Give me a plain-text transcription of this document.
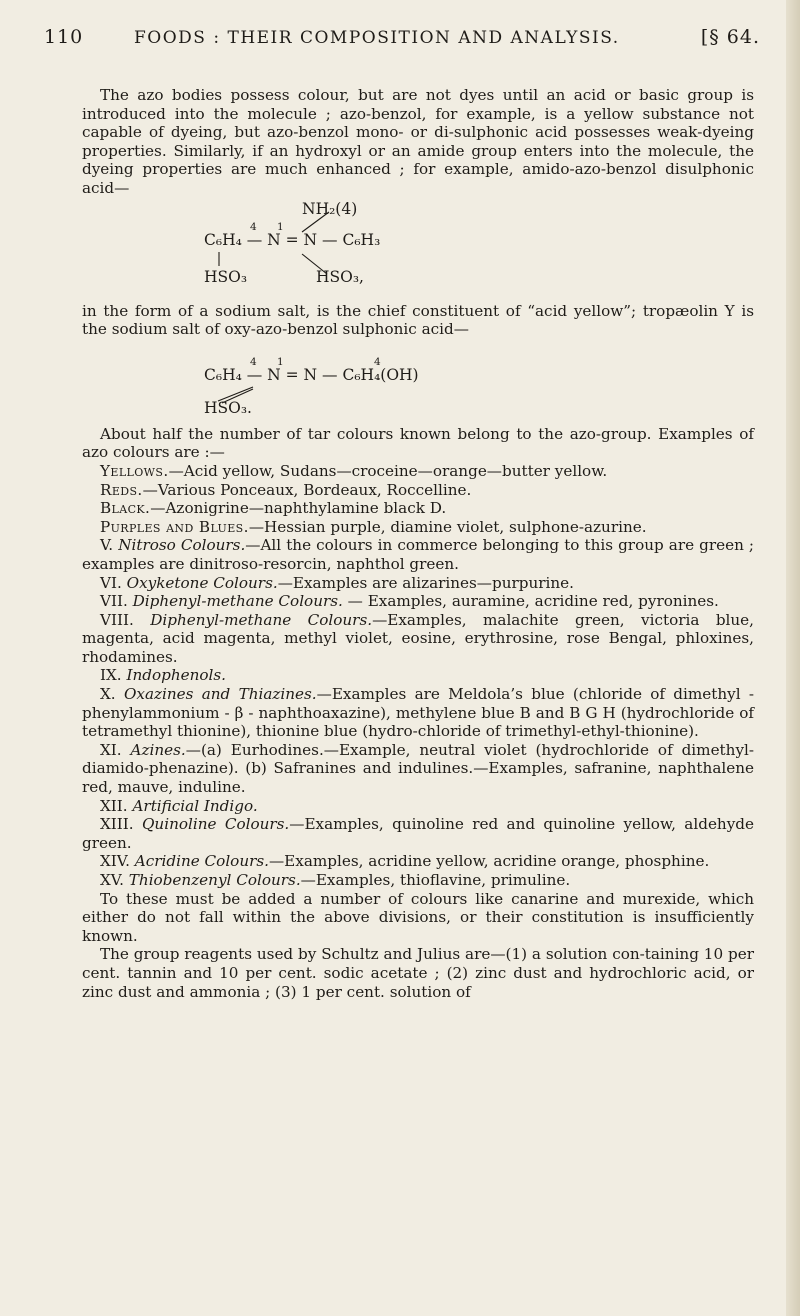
110	FOODS : THEIR COMPOSITION AND ANALYSIS.	[§ 64.

The azo bodies possess colour, but are not dyes until an acid or basic group is introduced into the molecule ; azo-benzol, for example, is a yellow substance not capable of dyeing, but azo-benzol mono- or di-sulphonic acid possesses weak-dyeing properties. Similarly, if an hydroxyl or an amide group enters into the molecule, the dyeing properties are much enhanced ; for example, amido-azo-benzol disulphonic acid—

NH₂(4)
4 1
C₆H₄ — N = N — C₆H₃
HSO₃	HSO₃,

in the form of a sodium salt, is the chief constituent of “acid yellow”; tropæolin Y is the sodium salt of oxy-azo-benzol sulphonic acid—

4 1	4
C₆H₄ — N = N — C₆H₄(OH)
HSO₃.

About half the number of tar colours known belong to the azo-group. Examples of azo colours are :—

Yellows.—Acid yellow, Sudans—croceine—orange—butter yellow.

Reds.—Various Ponceaux, Bordeaux, Roccelline.

Black.—Azonigrine—naphthylamine black D.

Purples and Blues.—Hessian purple, diamine violet, sulphone-azurine.

V. Nitroso Colours.—All the colours in commerce belonging to this group are green ; examples are dinitroso-resorcin, naphthol green.

VI. Oxyketone Colours.—Examples are alizarines—purpurine.

VII. Diphenyl-methane Colours. — Examples, auramine, acridine red, pyronines.

VIII. Diphenyl-methane Colours.—Examples, malachite green, victoria blue, magenta, acid magenta, methyl violet, eosine, erythrosine, rose Bengal, phloxines, rhodamines.

IX. Indophenols.

X. Oxazines and Thiazines.—Examples are Meldola’s blue (chloride of dimethyl - phenylammonium - β - naphthoaxazine), methylene blue B and B G H (hydrochloride of tetramethyl thionine), thionine blue (hydro-chloride of trimethyl-ethyl-thionine).

XI. Azines.—(a) Eurhodines.—Example, neutral violet (hydrochloride of dimethyl-diamido-phenazine). (b) Safranines and indulines.—Examples, safranine, naphthalene red, mauve, induline.

XII. Artificial Indigo.

XIII. Quinoline Colours.—Examples, quinoline red and quinoline yellow, aldehyde green.

XIV. Acridine Colours.—Examples, acridine yellow, acridine orange, phosphine.

XV. Thiobenzenyl Colours.—Examples, thioflavine, primuline.

To these must be added a number of colours like canarine and murexide, which either do not fall within the above divisions, or their constitution is insufficiently known.

The group reagents used by Schultz and Julius are—(1) a solution con-taining 10 per cent. tannin and 10 per cent. sodic acetate ; (2) zinc dust and hydrochloric acid, or zinc dust and ammonia ; (3) 1 per cent. solution of
